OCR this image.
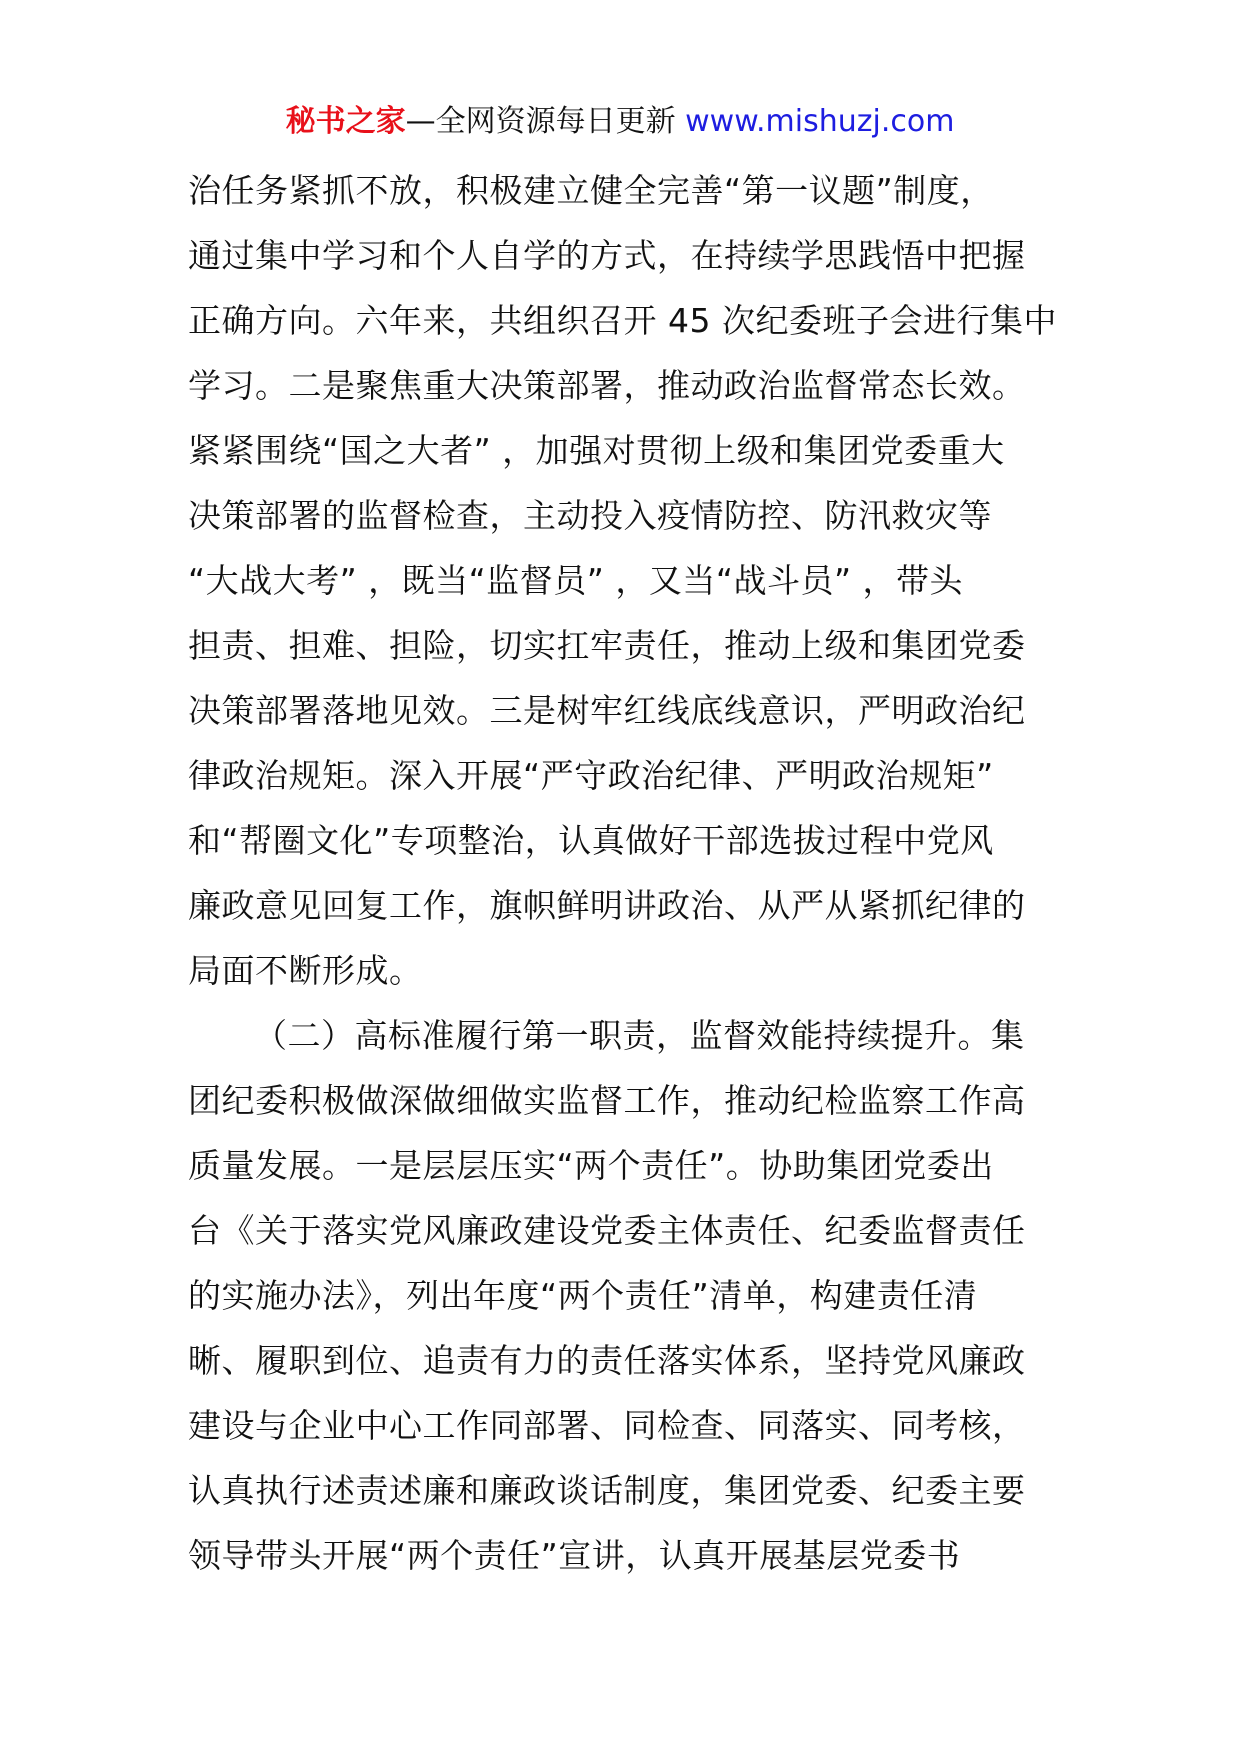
秘书之家—全网资源每日更新 www.mishuzj.com
治任务紧抓不放，积极建立健全完善“第一议题”制度，
通过集中学习和个人自学的方式，在持续学思践悟中把握
正确方向。六年来，共组织召开 45 次纪委班子会进行集中
学习。二是聚焦重大决策部署，推动政治监督常态长效。
紧紧围绕“国之大者” ，加强对贯彻上级和集团党委重大
决策部署的监督检查，主动投入疫情防控、防汛救灾等
“大战大考” ，既当“监督员” ，又当“战斗员” ，带头
担责、担难、担险，切实扛牢责任，推动上级和集团党委
决策部署落地见效。三是树牢红线底线意识，严明政治纪
律政治规矩。深入开展“严守政治纪律、严明政治规矩”
和“帮圈文化”专项整治，认真做好干部选拔过程中党风
廉政意见回复工作，旗帜鲜明讲政治、从严从紧抓纪律的
局面不断形成。
（二）高标准履行第一职责，监督效能持续提升。集
团纪委积极做深做细做实监督工作，推动纪检监察工作高
质量发展。一是层层压实“两个责任”。协助集团党委出
台《关于落实党风廉政建设党委主体责任、纪委监督责任
的实施办法》，列出年度“两个责任”清单，构建责任清
晰、履职到位、追责有力的责任落实体系，坚持党风廉政
建设与企业中心工作同部署、同检查、同落实、同考核，
认真执行述责述廉和廉政谈话制度，集团党委、纪委主要
领导带头开展“两个责任”宣讲，认真开展基层党委书
